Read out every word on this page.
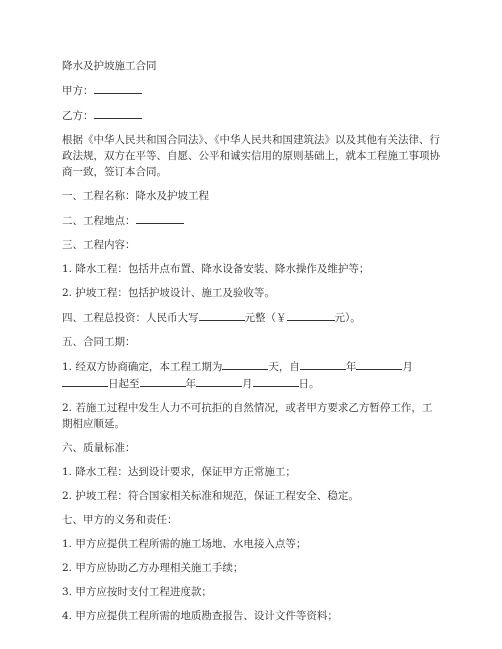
降水及护坡施工合同

甲方：

乙方：

根据《中华人民共和国合同法》、《中华人民共和国建筑法》以及其他有关法律、行政法规，双方在平等、自愿、公平和诚实信用的原则基础上，就本工程施工事项协商一致，签订本合同。

一、工程名称：降水及护坡工程

二、工程地点：

三、工程内容：

1. 降水工程：包括井点布置、降水设备安装、降水操作及维护等；

2. 护坡工程：包括护坡设计、施工及验收等。

四、工程总投资：人民币大写	元整（￥	元）。

五、合同工期：

1. 经双方协商确定，本工程工期为	天，自	年	月

日起至	年	月	日。

2. 若施工过程中发生人力不可抗拒的自然情况，或者甲方要求乙方暂停工作，工期相应顺延。

六、质量标准：

1. 降水工程：达到设计要求，保证甲方正常施工；

2. 护坡工程：符合国家相关标准和规范，保证工程安全、稳定。

七、甲方的义务和责任：

1. 甲方应提供工程所需的施工场地、水电接入点等；

2. 甲方应协助乙方办理相关施工手续；

3. 甲方应按时支付工程进度款；

4. 甲方应提供工程所需的地质勘查报告、设计文件等资料；
